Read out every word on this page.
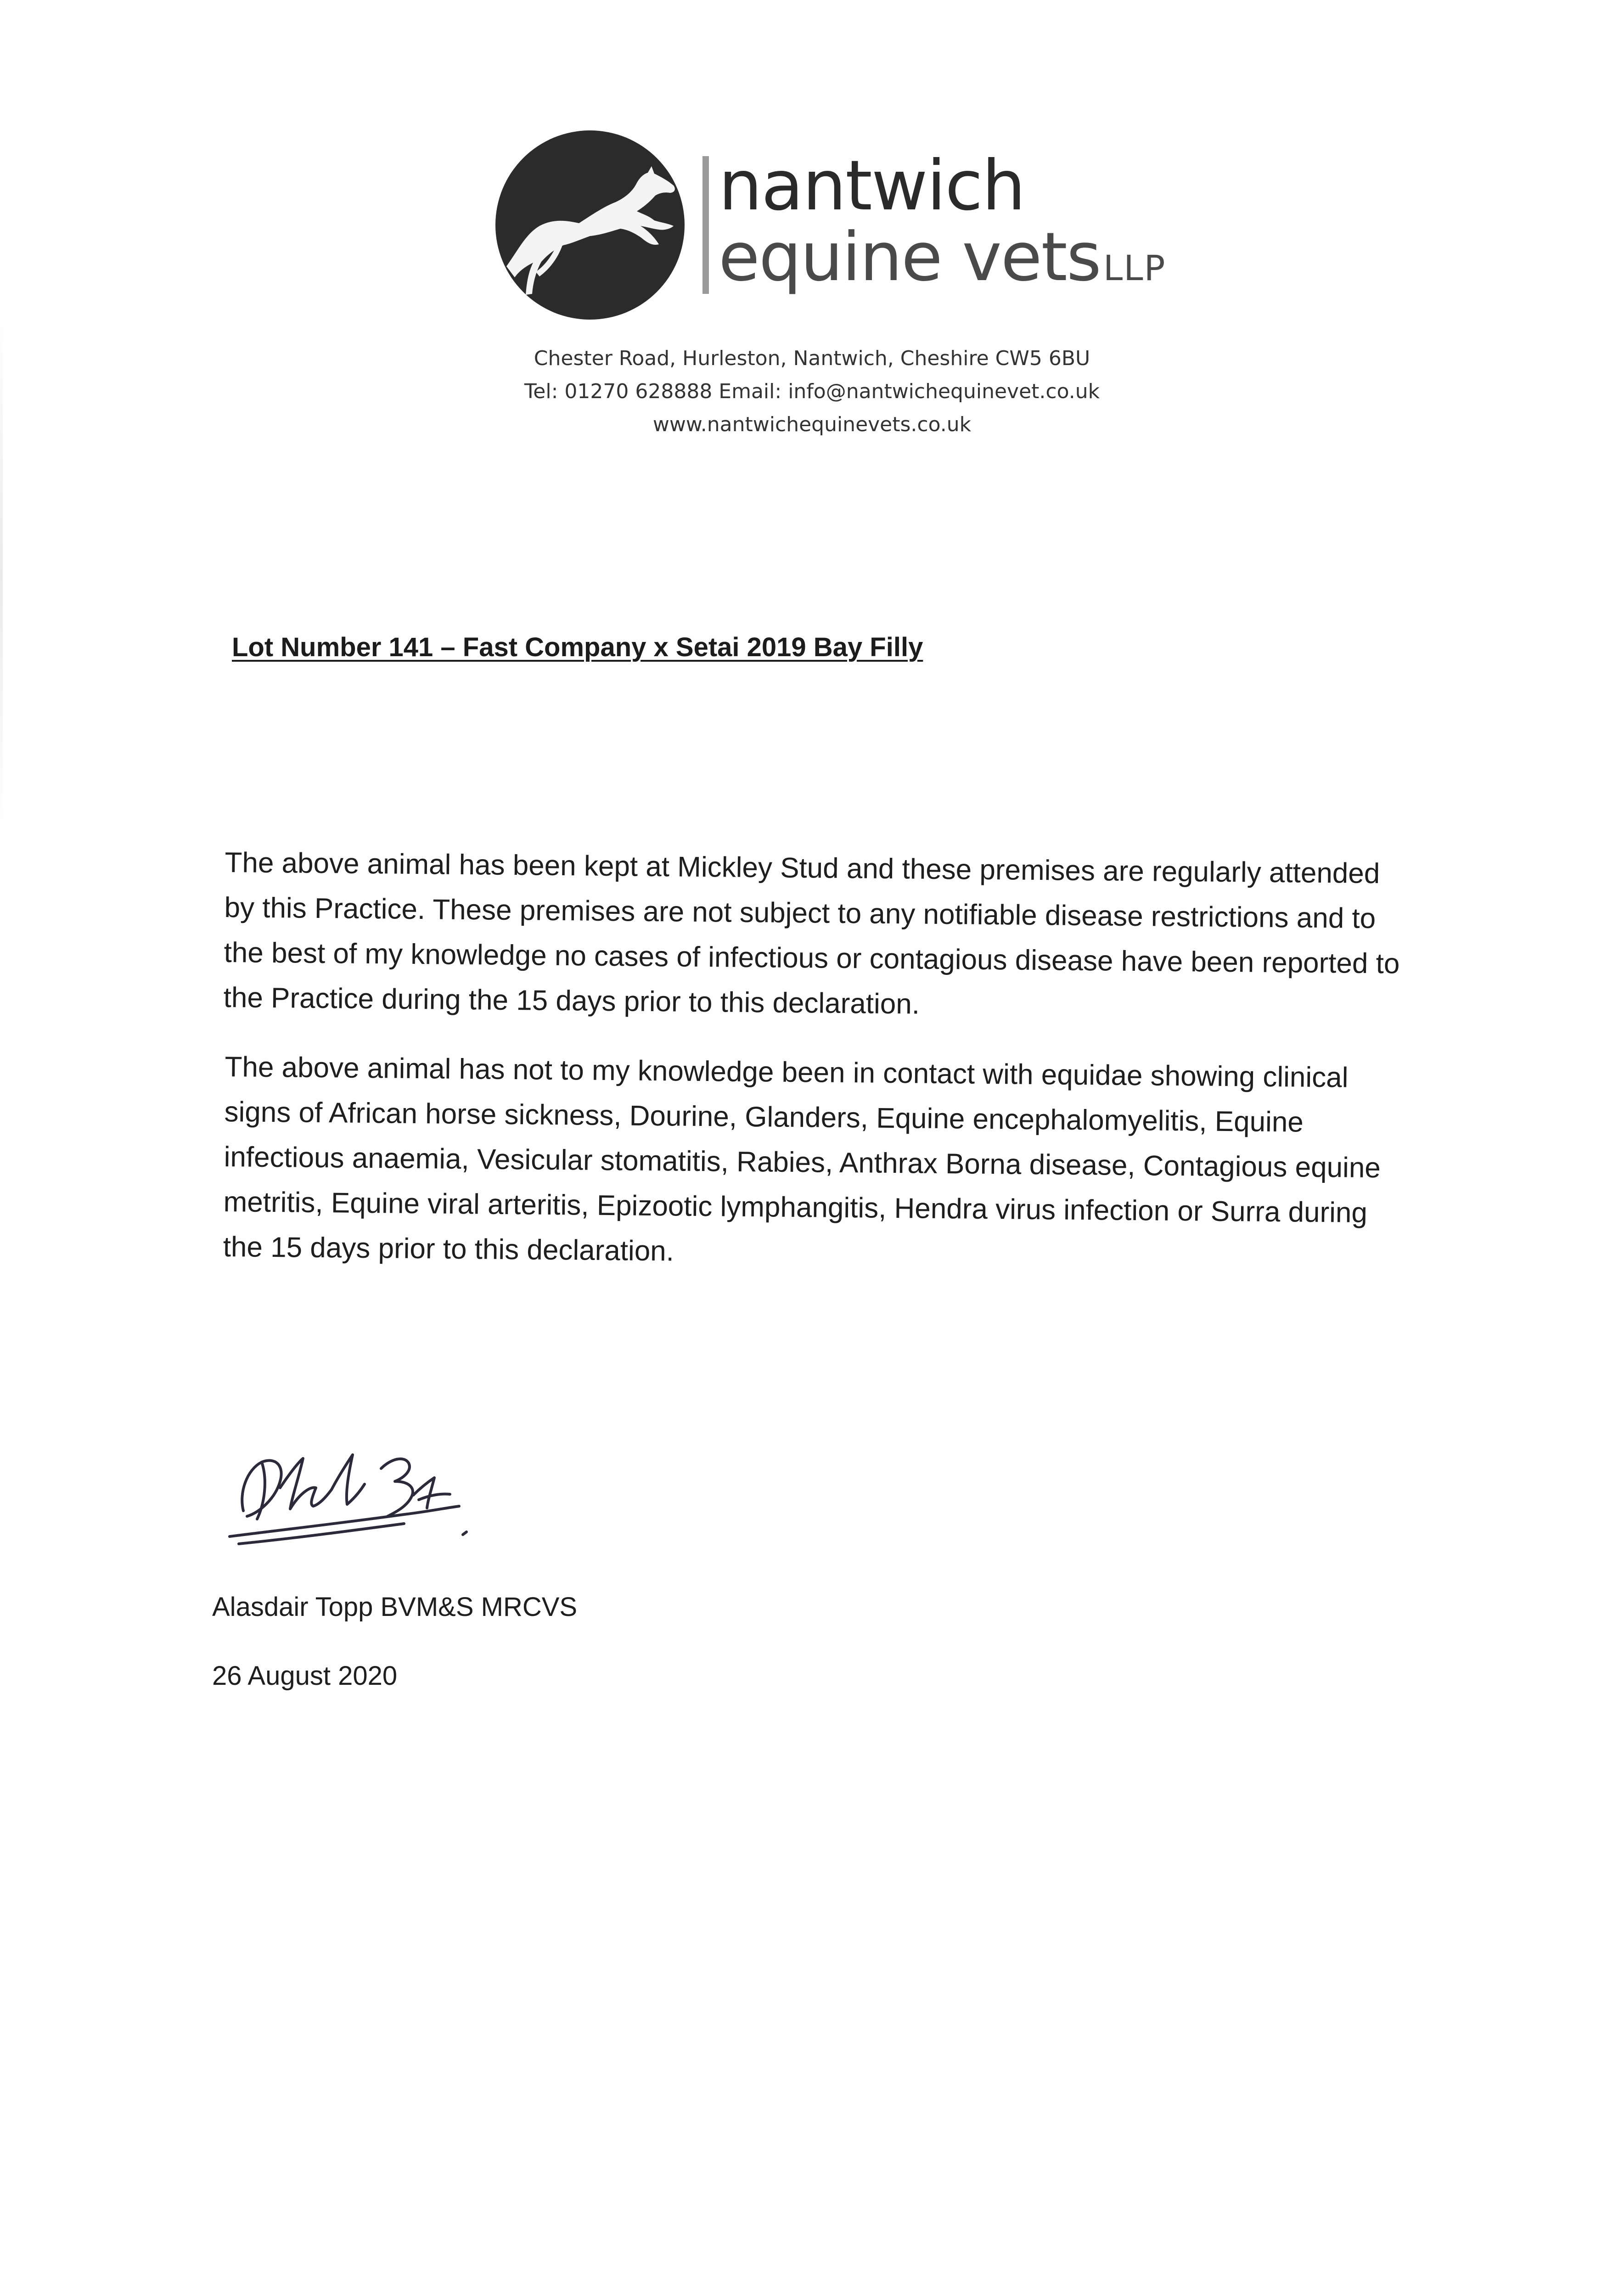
nantwich
equine vetsLLP
Chester Road, Hurleston, Nantwich, Cheshire CW5 6BU
Tel: 01270 628888 Email: info@nantwichequinevet.co.uk
www.nantwichequinevets.co.uk
Lot Number 141 – Fast Company x Setai 2019 Bay Filly
The above animal has been kept at Mickley Stud and these premises are regularly attended by this Practice. These premises are not subject to any notifiable disease restrictions and to the best of my knowledge no cases of infectious or contagious disease have been reported to the Practice during the 15 days prior to this declaration.
The above animal has not to my knowledge been in contact with equidae showing clinical signs of African horse sickness, Dourine, Glanders, Equine encephalomyelitis, Equine infectious anaemia, Vesicular stomatitis, Rabies, Anthrax Borna disease, Contagious equine metritis, Equine viral arteritis, Epizootic lymphangitis, Hendra virus infection or Surra during the 15 days prior to this declaration.
Alasdair Topp BVM&S MRCVS
26 August 2020
